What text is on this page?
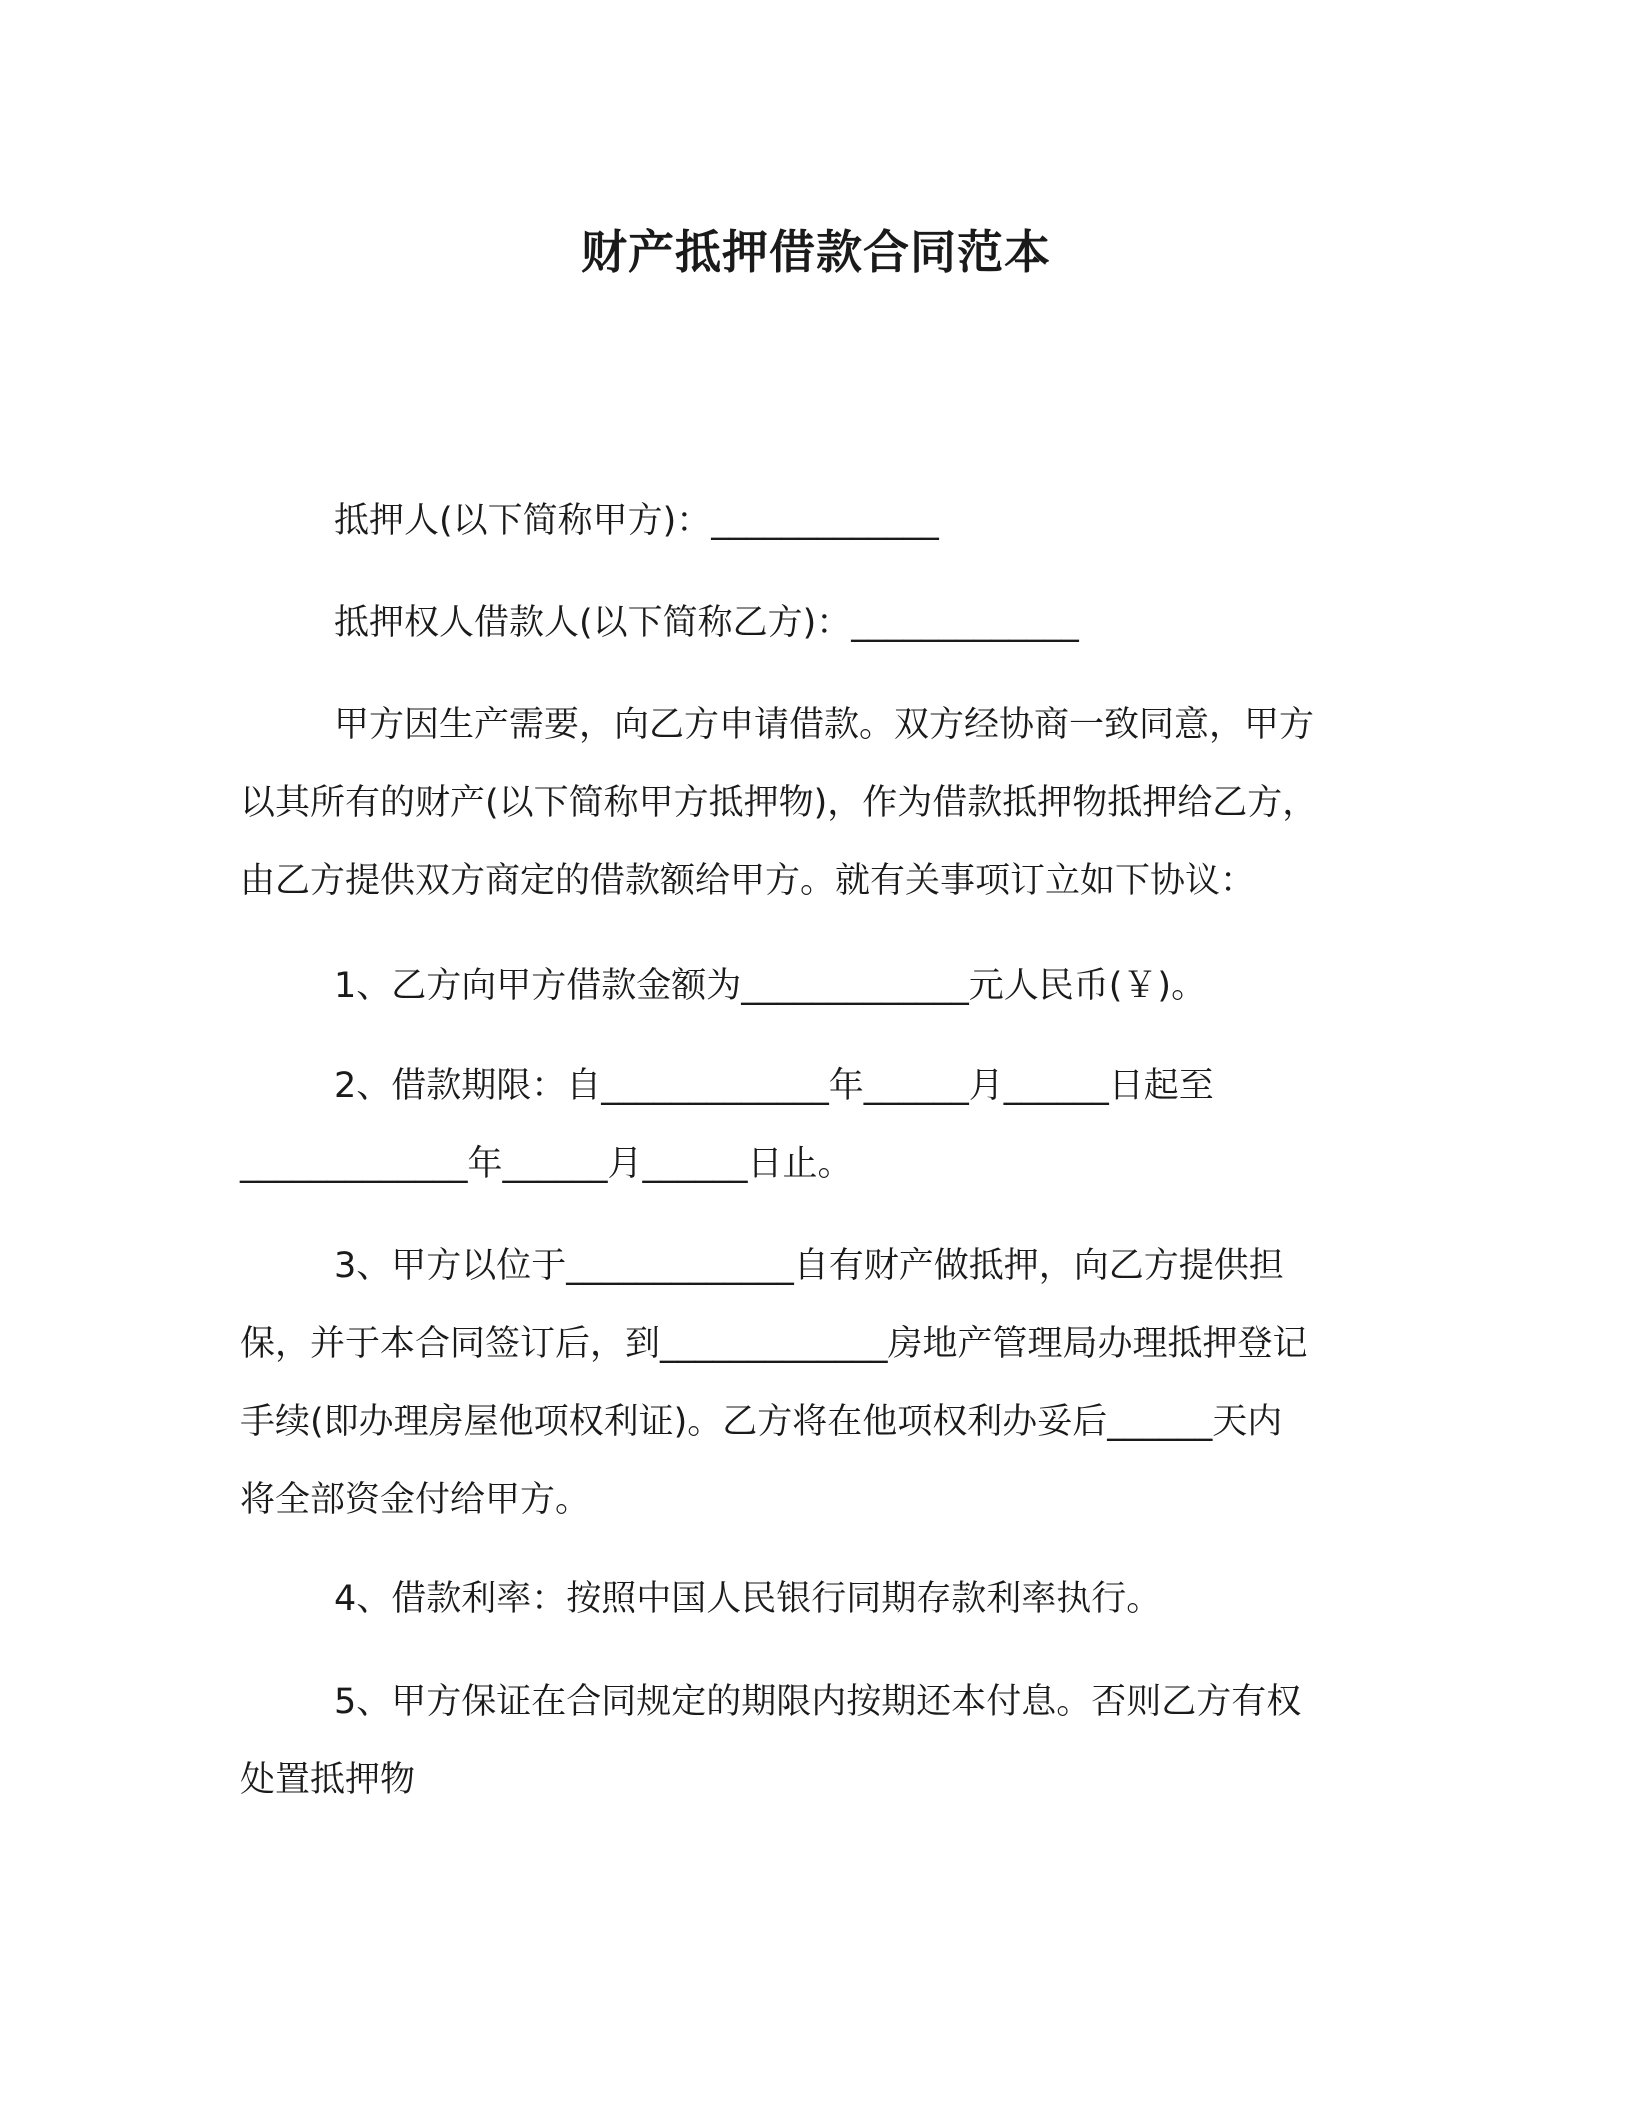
财产抵押借款合同范本
抵押人(以下简称甲方)：_____________
抵押权人借款人(以下简称乙方)：_____________
甲方因生产需要，向乙方申请借款。双方经协商一致同意，甲方
以其所有的财产(以下简称甲方抵押物)，作为借款抵押物抵押给乙方，
由乙方提供双方商定的借款额给甲方。就有关事项订立如下协议：
1、乙方向甲方借款金额为_____________元人民币(￥)。
2、借款期限：自_____________年______月______日起至
_____________年______月______日止。
3、甲方以位于_____________自有财产做抵押，向乙方提供担
保，并于本合同签订后，到_____________房地产管理局办理抵押登记
手续(即办理房屋他项权利证)。乙方将在他项权利办妥后______天内
将全部资金付给甲方。
4、借款利率：按照中国人民银行同期存款利率执行。
5、甲方保证在合同规定的期限内按期还本付息。否则乙方有权
处置抵押物
